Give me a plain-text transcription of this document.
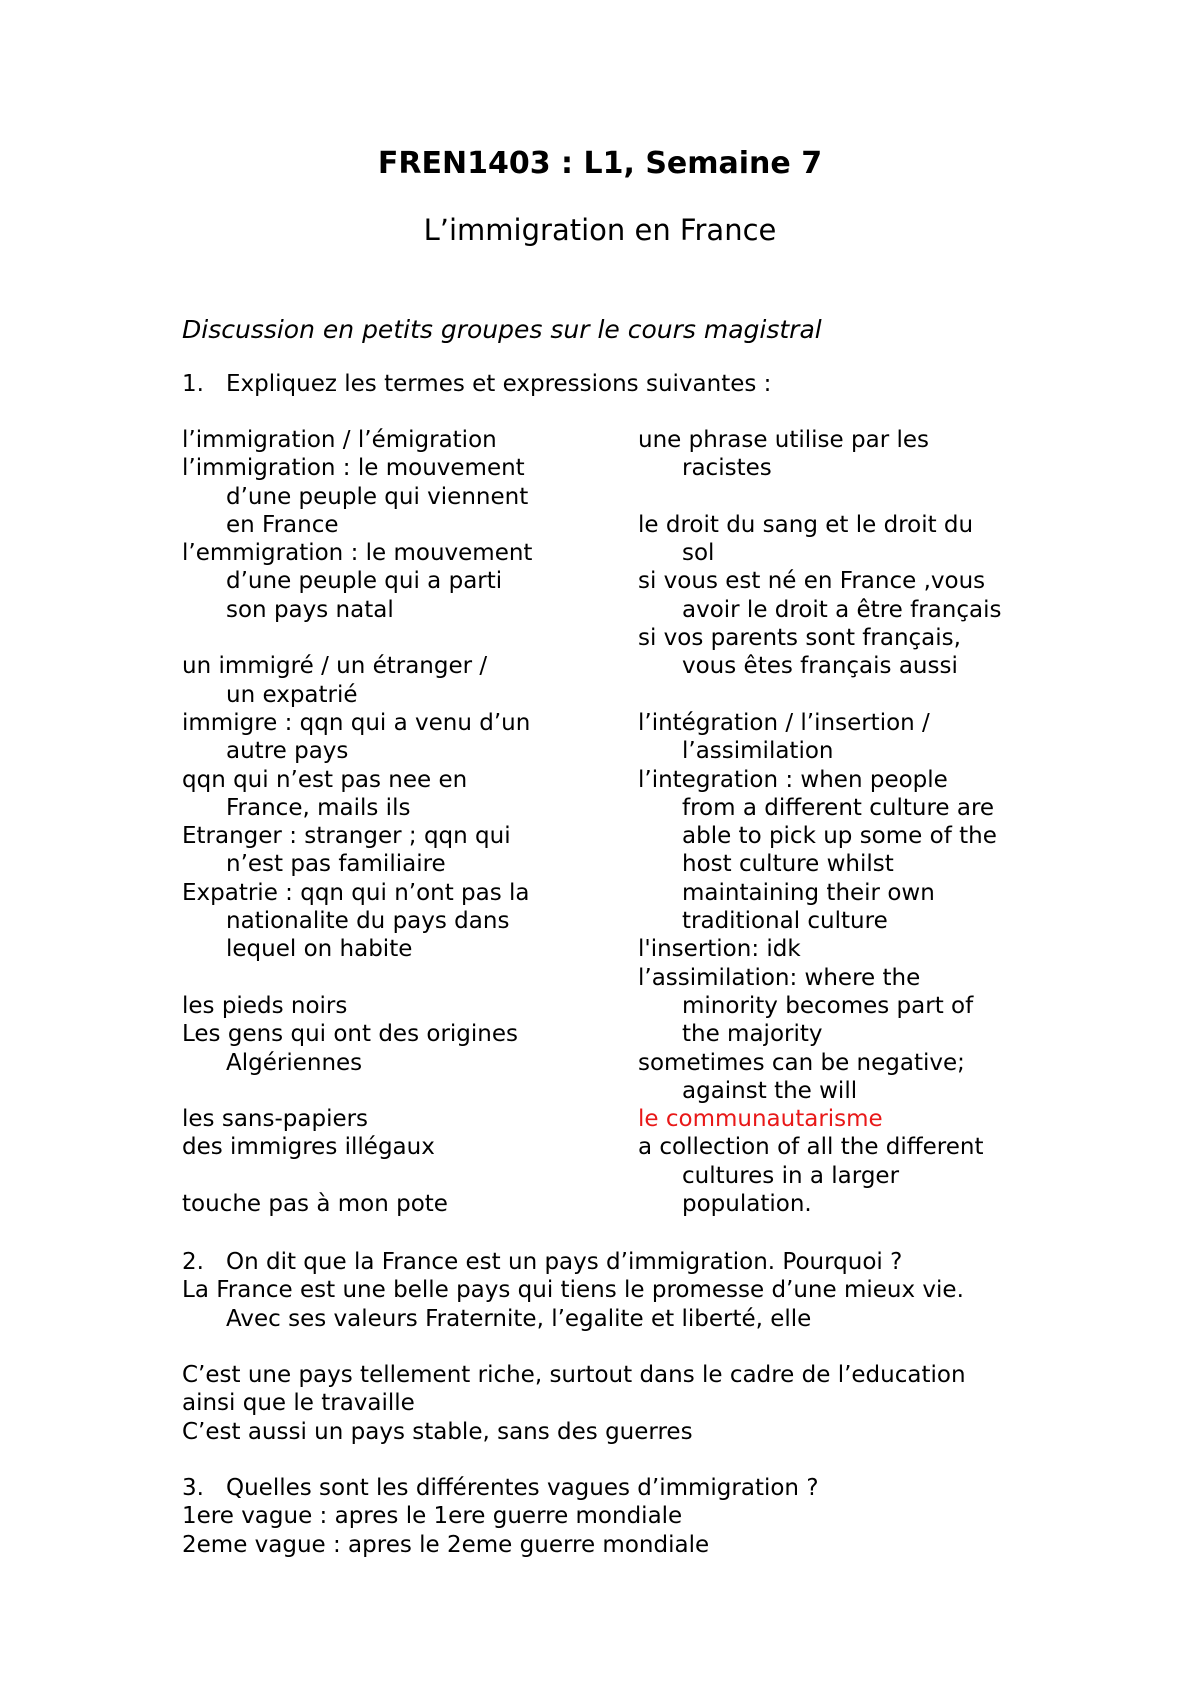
FREN1403 : L1, Semaine 7
L’immigration en France
Discussion en petits groupes sur le cours magistral
1. Expliquez les termes et expressions suivantes :
l’immigration / l’émigration
l’immigration : le mouvement
d’une peuple qui viennent
en France
l’emmigration : le mouvement
d’une peuple qui a parti
son pays natal
un immigré / un étranger /
un expatrié
immigre : qqn qui a venu d’un
autre pays
qqn qui n’est pas nee en
France, mails ils
Etranger : stranger ; qqn qui
n’est pas familiaire
Expatrie : qqn qui n’ont pas la
nationalite du pays dans
lequel on habite
les pieds noirs
Les gens qui ont des origines
Algériennes
les sans-papiers
des immigres illégaux
touche pas à mon pote
une phrase utilise par les
racistes
le droit du sang et le droit du
sol
si vous est né en France ,vous
avoir le droit a être français
si vos parents sont français,
vous êtes français aussi
l’intégration / l’insertion /
l’assimilation
l’integration : when people
from a different culture are
able to pick up some of the
host culture whilst
maintaining their own
traditional culture
l'insertion: idk
l’assimilation: where the
minority becomes part of
the majority
sometimes can be negative;
against the will
le communautarisme
a collection of all the different
cultures in a larger
population.
2. On dit que la France est un pays d’immigration. Pourquoi ?
La France est une belle pays qui tiens le promesse d’une mieux vie.
Avec ses valeurs Fraternite, l’egalite et liberté, elle
C’est une pays tellement riche, surtout dans le cadre de l’education
ainsi que le travaille
C’est aussi un pays stable, sans des guerres
3. Quelles sont les différentes vagues d’immigration ?
1ere vague : apres le 1ere guerre mondiale
2eme vague : apres le 2eme guerre mondiale
